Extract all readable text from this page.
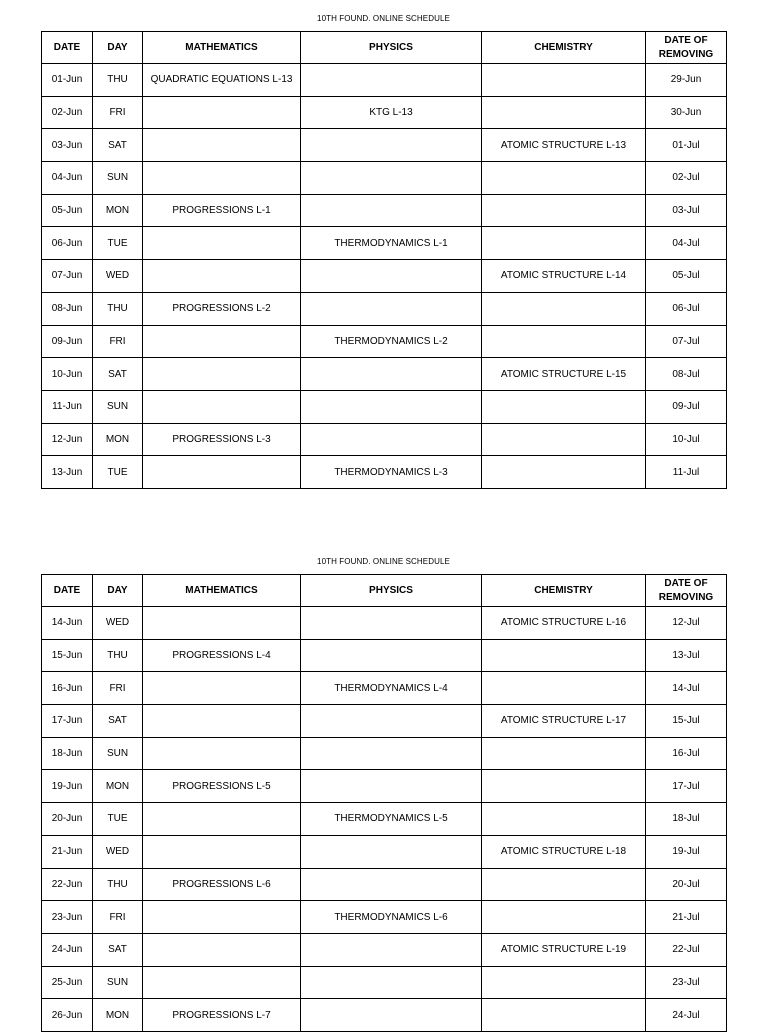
10TH FOUND. ONLINE SCHEDULE
DATE	DAY	MATHEMATICS	PHYSICS	CHEMISTRY	DATE OF REMOVING
01-Jun	THU	QUADRATIC EQUATIONS L-13			29-Jun
02-Jun	FRI		KTG L-13		30-Jun
03-Jun	SAT			ATOMIC STRUCTURE L-13	01-Jul
04-Jun	SUN				02-Jul
05-Jun	MON	PROGRESSIONS L-1			03-Jul
06-Jun	TUE		THERMODYNAMICS L-1		04-Jul
07-Jun	WED			ATOMIC STRUCTURE L-14	05-Jul
08-Jun	THU	PROGRESSIONS L-2			06-Jul
09-Jun	FRI		THERMODYNAMICS L-2		07-Jul
10-Jun	SAT			ATOMIC STRUCTURE L-15	08-Jul
11-Jun	SUN				09-Jul
12-Jun	MON	PROGRESSIONS L-3			10-Jul
13-Jun	TUE		THERMODYNAMICS L-3		11-Jul
10TH FOUND. ONLINE SCHEDULE
DATE	DAY	MATHEMATICS	PHYSICS	CHEMISTRY	DATE OF REMOVING
14-Jun	WED			ATOMIC STRUCTURE L-16	12-Jul
15-Jun	THU	PROGRESSIONS L-4			13-Jul
16-Jun	FRI		THERMODYNAMICS L-4		14-Jul
17-Jun	SAT			ATOMIC STRUCTURE L-17	15-Jul
18-Jun	SUN				16-Jul
19-Jun	MON	PROGRESSIONS L-5			17-Jul
20-Jun	TUE		THERMODYNAMICS L-5		18-Jul
21-Jun	WED			ATOMIC STRUCTURE L-18	19-Jul
22-Jun	THU	PROGRESSIONS L-6			20-Jul
23-Jun	FRI		THERMODYNAMICS L-6		21-Jul
24-Jun	SAT			ATOMIC STRUCTURE L-19	22-Jul
25-Jun	SUN				23-Jul
26-Jun	MON	PROGRESSIONS L-7			24-Jul
